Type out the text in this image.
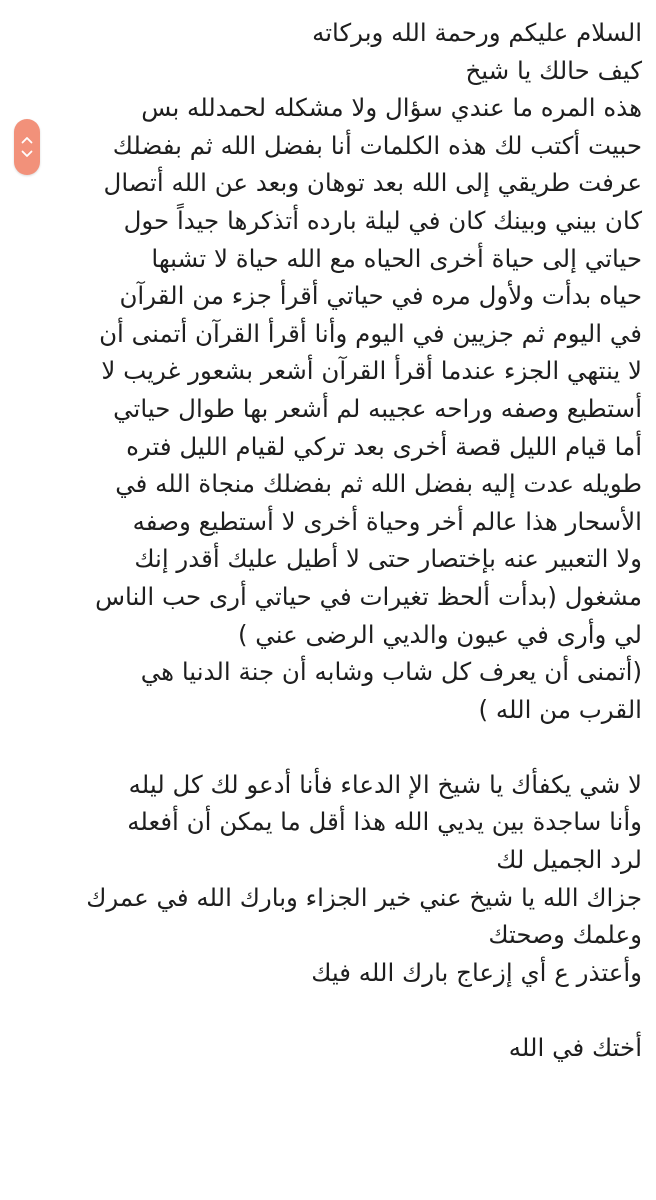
السلام عليكم ورحمة الله وبركاته
كيف حالك يا شيخ
هذه المره ما عندي سؤال ولا مشكله لحمدلله بس
حبيت أكتب لك هذه الكلمات أنا بفضل الله ثم بفضلك
عرفت طريقي إلى الله بعد توهان وبعد عن الله أتصال
كان بيني وبينك كان في ليلة بارده أتذكرها جيداً حول
حياتي إلى حياة أخرى الحياه مع الله حياة لا تشبها
حياه بدأت ولأول مره في حياتي أقرأ جزء من القرآن
في اليوم ثم جزيين في اليوم وأنا أقرأ القرآن أتمنى أن
لا ينتهي الجزء عندما أقرأ القرآن أشعر بشعور غريب لا
أستطيع وصفه وراحه عجيبه لم أشعر بها طوال حياتي
أما قيام الليل قصة أخرى بعد تركي لقيام الليل فتره
طويله عدت إليه بفضل الله ثم بفضلك منجاة الله في
الأسحار هذا عالم أخر وحياة أخرى لا أستطيع وصفه
ولا التعبير عنه بإختصار حتى لا أطيل عليك أقدر إنك
مشغول (بدأت ألحظ تغيرات في حياتي أرى حب الناس
لي وأرى في عيون والديي الرضى عني )
(أتمنى أن يعرف كل شاب وشابه أن جنة الدنيا هي
القرب من الله )
لا شي يكفأك يا شيخ الإ الدعاء فأنا أدعو لك كل ليله
وأنا ساجدة بين يديي الله هذا أقل ما يمكن أن أفعله
لرد الجميل لك
جزاك الله يا شيخ عني خير الجزاء وبارك الله في عمرك
وعلمك وصحتك
وأعتذر ع أي إزعاج بارك الله فيك
أختك في الله
